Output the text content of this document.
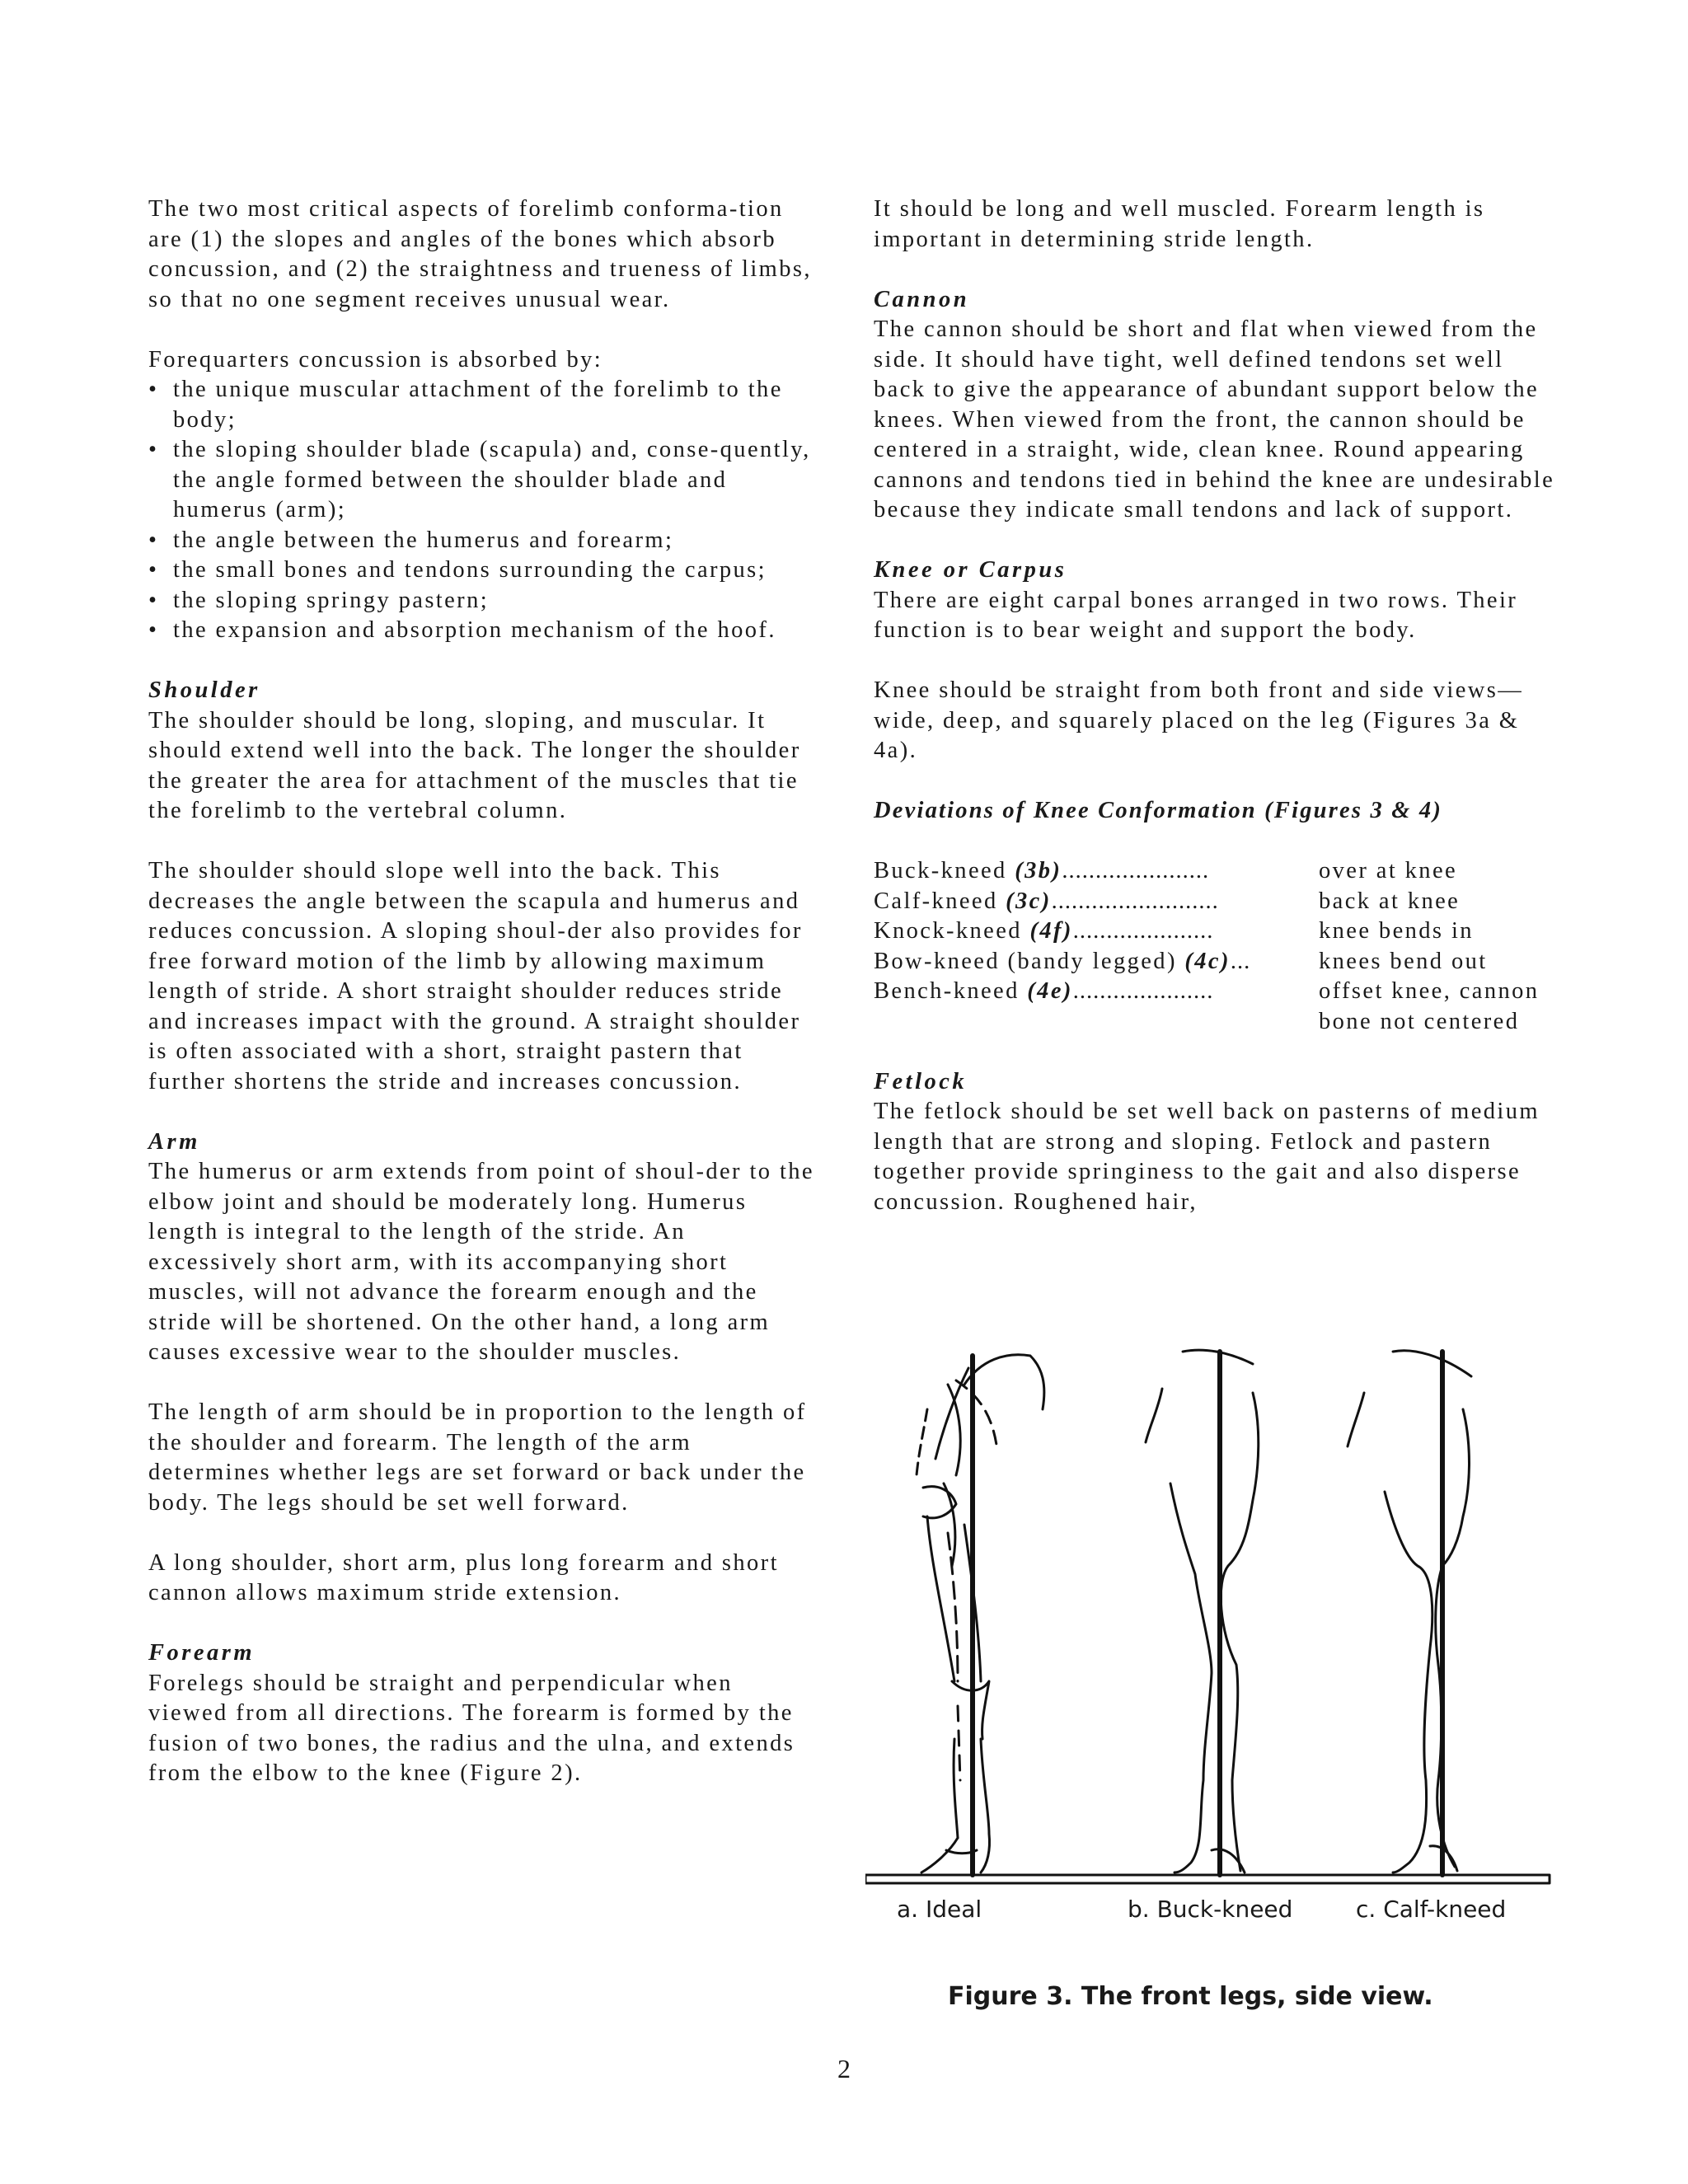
The two most critical aspects of forelimb conforma-tion are (1) the slopes and angles of the bones which absorb concussion, and (2) the straightness and trueness of limbs, so that no one segment receives unusual wear.

Forequarters concussion is absorbed by:

• the unique muscular attachment of the forelimb to the body;
• the sloping shoulder blade (scapula) and, conse-quently, the angle formed between the shoulder blade and humerus (arm);
• the angle between the humerus and forearm;
• the small bones and tendons surrounding the carpus;
• the sloping springy pastern;
• the expansion and absorption mechanism of the hoof.

Shoulder

The shoulder should be long, sloping, and muscular. It should extend well into the back. The longer the shoulder the greater the area for attachment of the muscles that tie the forelimb to the vertebral column.

The shoulder should slope well into the back. This decreases the angle between the scapula and humerus and reduces concussion. A sloping shoul-der also provides for free forward motion of the limb by allowing maximum length of stride. A short straight shoulder reduces stride and increases impact with the ground. A straight shoulder is often associated with a short, straight pastern that further shortens the stride and increases concussion.

Arm

The humerus or arm extends from point of shoul-der to the elbow joint and should be moderately long. Humerus length is integral to the length of the stride. An excessively short arm, with its accompanying short muscles, will not advance the forearm enough and the stride will be shortened. On the other hand, a long arm causes excessive wear to the shoulder muscles.

The length of arm should be in proportion to the length of the shoulder and forearm. The length of the arm determines whether legs are set forward or back under the body. The legs should be set well forward.

A long shoulder, short arm, plus long forearm and short cannon allows maximum stride extension.

Forearm

Forelegs should be straight and perpendicular when viewed from all directions. The forearm is formed by the fusion of two bones, the radius and the ulna, and extends from the elbow to the knee (Figure 2).

It should be long and well muscled. Forearm length is important in determining stride length.

Cannon

The cannon should be short and flat when viewed from the side. It should have tight, well defined tendons set well back to give the appearance of abundant support below the knees. When viewed from the front, the cannon should be centered in a straight, wide, clean knee. Round appearing cannons and tendons tied in behind the knee are undesirable because they indicate small tendons and lack of support.

Knee or Carpus

There are eight carpal bones arranged in two rows. Their function is to bear weight and support the body.

Knee should be straight from both front and side views—wide, deep, and squarely placed on the leg (Figures 3a & 4a).

Deviations of Knee Conformation (Figures 3 & 4)

Buck-kneed (3b) ......................	over at knee
Calf-kneed (3c) .........................	back at knee
Knock-kneed (4f) .....................	knee bends in
Bow-kneed (bandy legged) (4c) ...	knees bend out
Bench-kneed (4e) .....................	offset knee, cannon bone not centered

Fetlock

The fetlock should be set well back on pasterns of medium length that are strong and sloping. Fetlock and pastern together provide springiness to the gait and also disperse concussion. Roughened hair,

a. Ideal	b. Buck-kneed	c. Calf-kneed
Figure 3. The front legs, side view.
2
